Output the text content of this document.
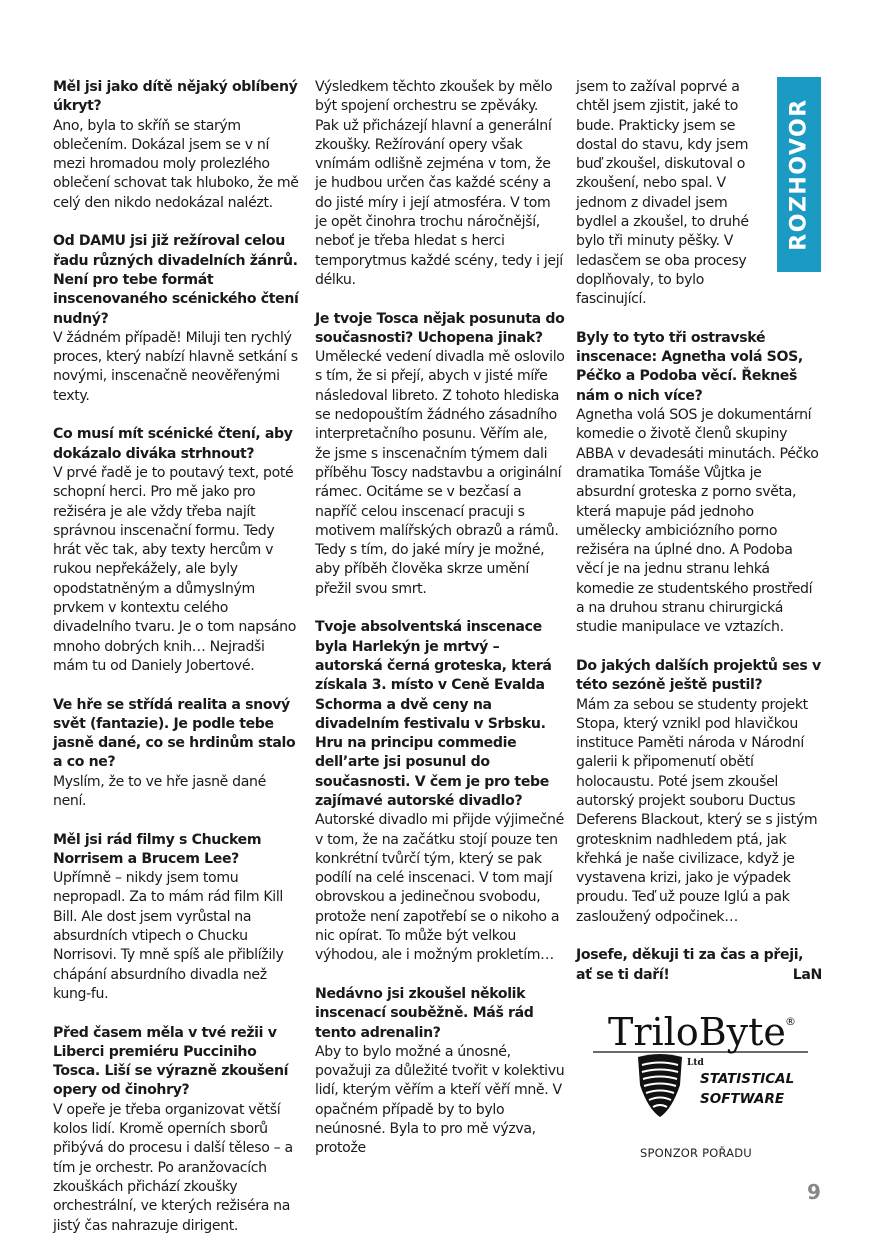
ROZHOVOR
Měl jsi jako dítě nějaký oblíbený úkryt?
Ano, byla to skříň se starým oblečením. Dokázal jsem se v ní mezi hromadou moly prolezlého oblečení schovat tak hluboko, že mě celý den nikdo nedokázal nalézt.
Od DAMU jsi již režíroval celou řadu různých divadelních žánrů. Není pro tebe formát inscenovaného scénického čtení nudný?
V žádném případě! Miluji ten rychlý proces, který nabízí hlavně setkání s novými, inscenačně neověřenými texty.
Co musí mít scénické čtení, aby dokázalo diváka strhnout?
V prvé řadě je to poutavý text, poté schopní herci. Pro mě jako pro režiséra je ale vždy třeba najít správnou inscenační formu. Tedy hrát věc tak, aby texty hercům v rukou nepřekážely, ale byly opodstatněným a důmyslným prvkem v kontextu celého divadelního tvaru. Je o tom napsáno mnoho dobrých knih… Nejradši mám tu od Daniely Jobertové.
Ve hře se střídá realita a snový svět (fantazie). Je podle tebe jasně dané, co se hrdinům stalo a co ne?
Myslím, že to ve hře jasně dané není.
Měl jsi rád filmy s Chuckem Norrisem a Brucem Lee?
Upřímně – nikdy jsem tomu nepropadl. Za to mám rád film Kill Bill. Ale dost jsem vyrůstal na absurdních vtipech o Chucku Norrisovi. Ty mně spíš ale přiblížily chápání absurdního divadla než kung-fu.
Před časem měla v tvé režii v Liberci premiéru Pucciniho Tosca. Liší se výrazně zkoušení opery od činohry?
V opeře je třeba organizovat větší kolos lidí. Kromě operních sborů přibývá do procesu i další těleso – a tím je orchestr. Po aranžovacích zkouškách přichází zkoušky orchestrální, ve kterých režiséra na jistý čas nahrazuje dirigent.
Výsledkem těchto zkoušek by mělo být spojení orchestru se zpěváky. Pak už přicházejí hlavní a generální zkoušky. Režírování opery však vnímám odlišně zejména v tom, že je hudbou určen čas každé scény a do jisté míry i její atmosféra. V tom je opět činohra trochu náročnější, neboť je třeba hledat s herci temporytmus každé scény, tedy i její délku.
Je tvoje Tosca nějak posunuta do současnosti? Uchopena jinak?
Umělecké vedení divadla mě oslovilo s tím, že si přejí, abych v jisté míře následoval libreto. Z tohoto hlediska se nedopouštím žádného zásadního interpretačního posunu. Věřím ale, že jsme s inscenačním týmem dali příběhu Toscy nadstavbu a originální rámec. Ocitáme se v bezčasí a napříč celou inscenací pracuji s motivem malířských obrazů a rámů. Tedy s tím, do jaké míry je možné, aby příběh člověka skrze umění přežil svou smrt.
Tvoje absolventská inscenace byla Harlekýn je mrtvý – autorská černá groteska, která získala 3. místo v Ceně Evalda Schorma a dvě ceny na divadelním festivalu v Srbsku. Hru na principu commedie dell’arte jsi posunul do současnosti. V čem je pro tebe zajímavé autorské divadlo?
Autorské divadlo mi přijde výjimečné v tom, že na začátku stojí pouze ten konkrétní tvůrčí tým, který se pak podílí na celé inscenaci. V tom mají obrovskou a jedinečnou svobodu, protože není zapotřebí se o nikoho a nic opírat. To může být velkou výhodou, ale i možným prokletím…
Nedávno jsi zkoušel několik inscenací souběžně. Máš rád tento adrenalin?
Aby to bylo možné a únosné, považuji za důležité tvořit v kolektivu lidí, kterým věřím a kteří věří mně. V opačném případě by to bylo neúnosné. Byla to pro mě výzva, protože
jsem to zažíval poprvé a chtěl jsem zjistit, jaké to bude. Prakticky jsem se dostal do stavu, kdy jsem buď zkoušel, diskutoval o zkoušení, nebo spal. V jednom z divadel jsem bydlel a zkoušel, to druhé bylo tři minuty pěšky. V ledasčem se oba procesy doplňovaly, to bylo fascinující.
Byly to tyto tři ostravské inscenace: Agnetha volá SOS, Péčko a Podoba věcí. Řekneš nám o nich více?
Agnetha volá SOS je dokumentární komedie o životě členů skupiny ABBA v devadesáti minutách. Péčko dramatika Tomáše Vůjtka je absurdní groteska z porno světa, která mapuje pád jednoho umělecky ambiciózního porno režiséra na úplné dno. A Podoba věcí je na jednu stranu lehká komedie ze studentského prostředí a na druhou stranu chirurgická studie manipulace ve vztazích.
Do jakých dalších projektů ses v této sezóně ještě pustil?
Mám za sebou se studenty projekt Stopa, který vznikl pod hlavičkou instituce Paměti národa v Národní galerii k připomenutí obětí holocaustu. Poté jsem zkoušel autorský projekt souboru Ductus Deferens Blackout, který se s jistým grotesknim nadhledem ptá, jak křehká je naše civilizace, když je vystavena krizi, jako je výpadek proudu. Teď už pouze Iglú a pak zasloužený odpočinek…
Josefe, děkuji ti za čas a přeji, ať se ti daří!	LaN
TriloByte ®
Ltd
STATISTICAL
SOFTWARE
SPONZOR POŘADU
9
